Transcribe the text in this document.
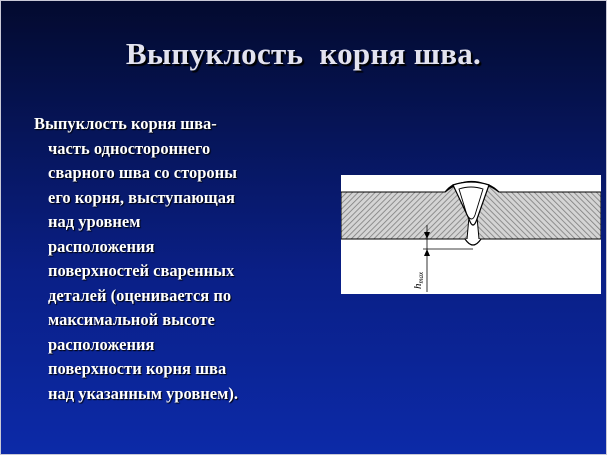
Выпуклость  корня шва.
Выпуклость корня шва-
часть одностороннего
сварного шва со стороны
его корня, выступающая
над уровнем
расположения
поверхностей сваренных
деталей (оценивается по
максимальной высоте
расположения
поверхности корня шва
над указанным уровнем).
hmax
